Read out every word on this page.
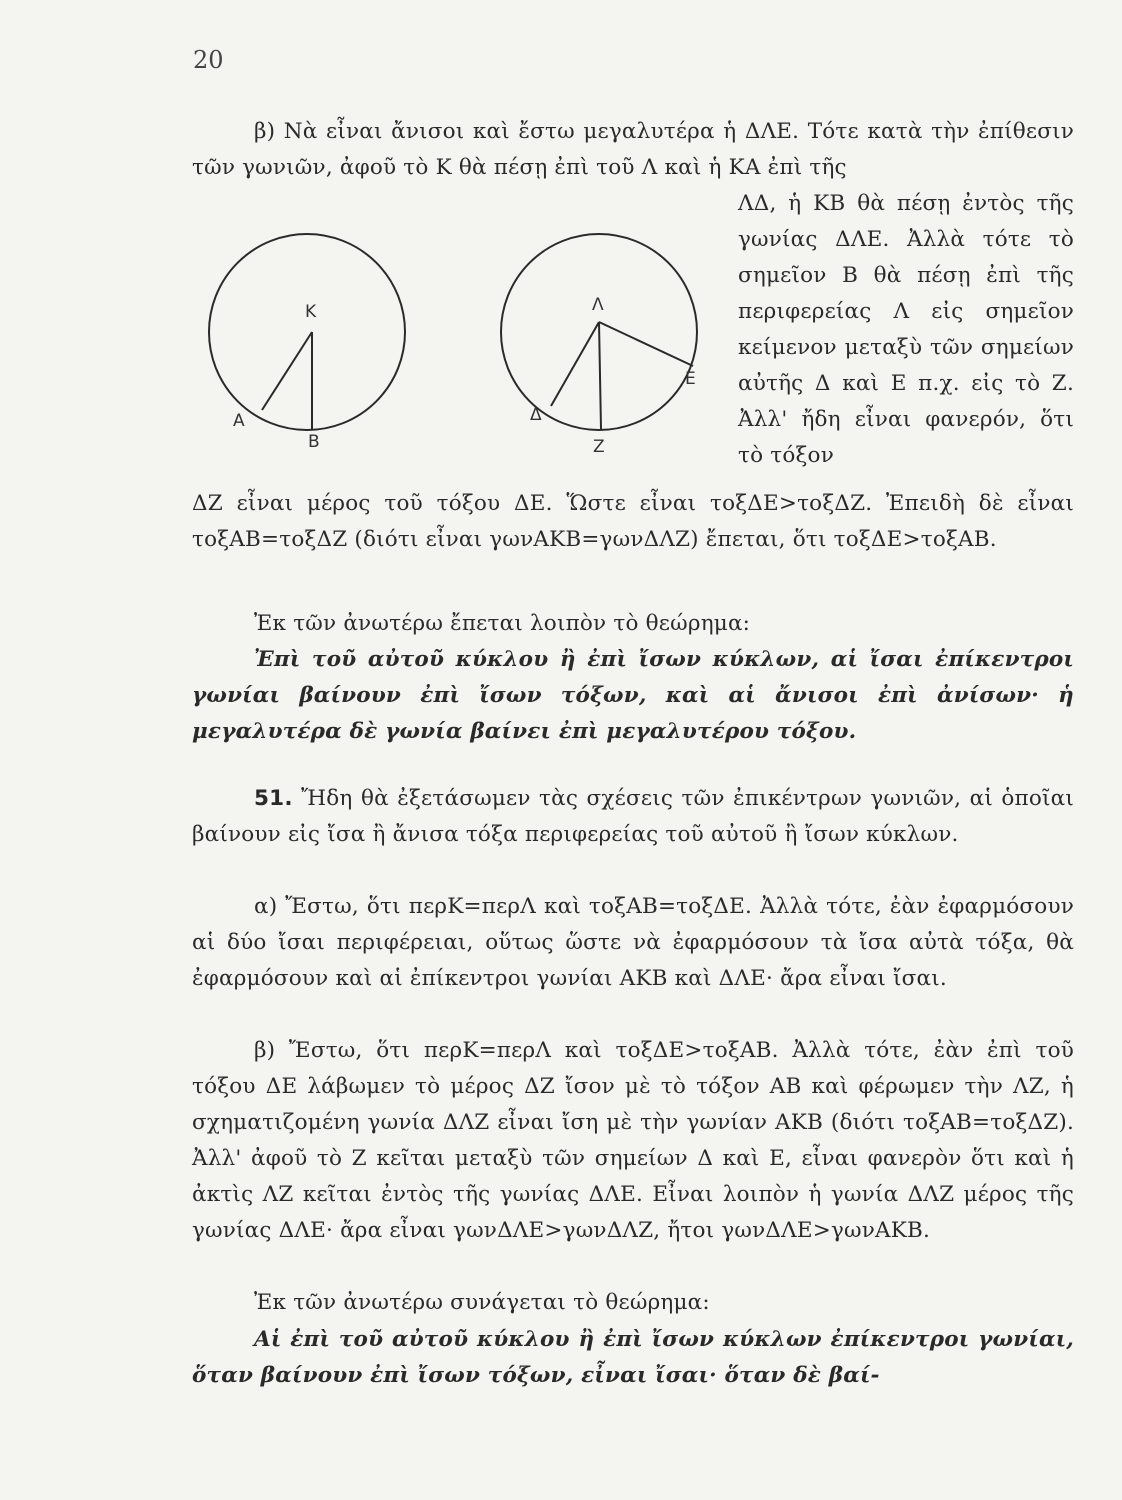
20

β) Νὰ εἶναι ἄνισοι καὶ ἔστω μεγαλυτέρα ἡ ΔΛΕ. Τότε κατὰ τὴν ἐπίθεσιν τῶν γωνιῶν, ἀφοῦ τὸ Κ θὰ πέσῃ ἐπὶ τοῦ Λ καὶ ἡ ΚΑ ἐπὶ τῆς

Κ
Α
Β
Λ
Δ
Ζ
Ε

ΛΔ, ἡ ΚΒ θὰ πέσῃ ἐντὸς τῆς γωνίας ΔΛΕ. Ἀλλὰ τότε τὸ σημεῖον Β θὰ πέσῃ ἐπὶ τῆς περιφερείας Λ εἰς σημεῖον κείμενον μεταξὺ τῶν σημείων αὐτῆς Δ καὶ Ε π.χ. εἰς τὸ Ζ. Ἀλλ' ἤδη εἶναι φανερόν, ὅτι τὸ τόξον

ΔΖ εἶναι μέρος τοῦ τόξου ΔΕ. Ὥστε εἶναι τοξΔΕ>τοξΔΖ. Ἐπειδὴ δὲ εἶναι τοξΑΒ=τοξΔΖ (διότι εἶναι γωνΑΚΒ=γωνΔΛΖ) ἔπεται, ὅτι τοξΔΕ>τοξΑΒ.

Ἐκ τῶν ἀνωτέρω ἔπεται λοιπὸν τὸ θεώρημα:

Ἐπὶ τοῦ αὐτοῦ κύκλου ἢ ἐπὶ ἴσων κύκλων, αἱ ἴσαι ἐπίκεντροι γωνίαι βαίνουν ἐπὶ ἴσων τόξων, καὶ αἱ ἄνισοι ἐπὶ ἀνίσων· ἡ μεγαλυτέρα δὲ γωνία βαίνει ἐπὶ μεγαλυτέρου τόξου.

51. Ἤδη θὰ ἐξετάσωμεν τὰς σχέσεις τῶν ἐπικέντρων γωνιῶν, αἱ ὁποῖαι βαίνουν εἰς ἴσα ἢ ἄνισα τόξα περιφερείας τοῦ αὐτοῦ ἢ ἴσων κύκλων.

α) Ἔστω, ὅτι περΚ=περΛ καὶ τοξΑΒ=τοξΔΕ. Ἀλλὰ τότε, ἐὰν ἐφαρμόσουν αἱ δύο ἴσαι περιφέρειαι, οὕτως ὥστε νὰ ἐφαρμόσουν τὰ ἴσα αὐτὰ τόξα, θὰ ἐφαρμόσουν καὶ αἱ ἐπίκεντροι γωνίαι ΑΚΒ καὶ ΔΛΕ· ἄρα εἶναι ἴσαι.

β) Ἔστω, ὅτι περΚ=περΛ καὶ τοξΔΕ>τοξΑΒ. Ἀλλὰ τότε, ἐὰν ἐπὶ τοῦ τόξου ΔΕ λάβωμεν τὸ μέρος ΔΖ ἴσον μὲ τὸ τόξον ΑΒ καὶ φέρωμεν τὴν ΛΖ, ἡ σχηματιζομένη γωνία ΔΛΖ εἶναι ἴση μὲ τὴν γωνίαν ΑΚΒ (διότι τοξΑΒ=τοξΔΖ). Ἀλλ' ἀφοῦ τὸ Ζ κεῖται μεταξὺ τῶν σημείων Δ καὶ Ε, εἶναι φανερὸν ὅτι καὶ ἡ ἀκτὶς ΛΖ κεῖται ἐντὸς τῆς γωνίας ΔΛΕ. Εἶναι λοιπὸν ἡ γωνία ΔΛΖ μέρος τῆς γωνίας ΔΛΕ· ἄρα εἶναι γωνΔΛΕ>γωνΔΛΖ, ἤτοι γωνΔΛΕ>γωνΑΚΒ.

Ἐκ τῶν ἀνωτέρω συνάγεται τὸ θεώρημα:

Αἱ ἐπὶ τοῦ αὐτοῦ κύκλου ἢ ἐπὶ ἴσων κύκλων ἐπίκεντροι γωνίαι, ὅταν βαίνουν ἐπὶ ἴσων τόξων, εἶναι ἴσαι· ὅταν δὲ βαί-
